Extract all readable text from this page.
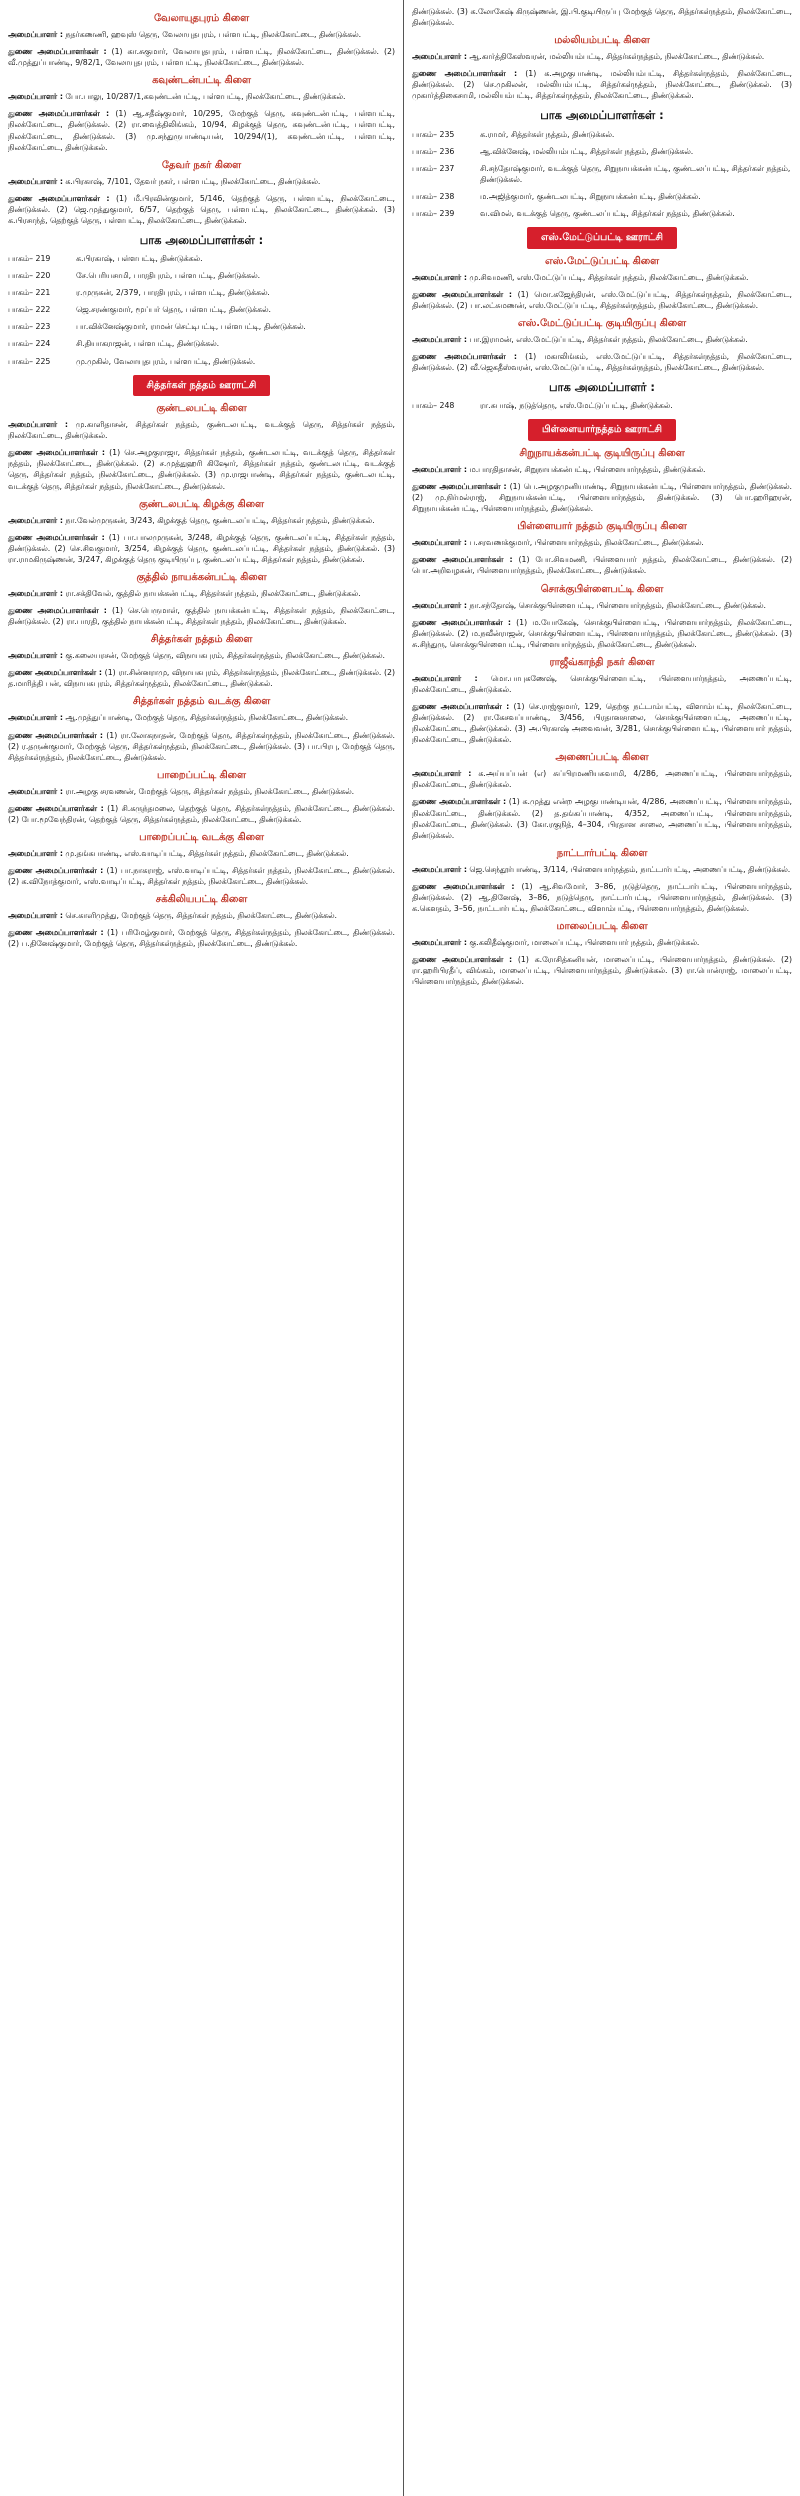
வேலாயுதபுரம் கிளை

அமைப்பாளர் : நதர்கணணி, ஹவுஸ் தெரு, வேலாயுதபுரம், பள்ளபட்டி, நிலக்கோட்டை, திண்டுக்கல்.

துணை அமைப்பாளர்கள் : (1) கா.சுகுமார், வேலாயுதபுரம், பள்ளபட்டி, நிலக்கோட்டை, திண்டுக்கல். (2) வீ.முத்துப்பாண்டி, 9/82/1, வேலாயுதபுரம், பள்ளபட்டி, நிலக்கோட்டை, திண்டுக்கல்.

கவுண்டன்பட்டி கிளை

அமைப்பாளர் : போ.பாலு, 10/287/1,கவுண்டன்பட்டி, பள்ளபட்டி, நிலக்கோட்டை, திண்டுக்கல்.

துணை அமைப்பாளர்கள் : (1) ஆ.சதீஷ்குமார், 10/295, மேற்குத் தெரு, கவுண்டன்பட்டி, பள்ளபட்டி, நிலக்கோட்டை, திண்டுக்கல். (2) ரா.வைத்திலிங்கம், 10/94, கிழக்குத் தெரு, கவுண்டன்பட்டி, பள்ளபட்டி, நிலக்கோட்டை, திண்டுக்கல். (3) மு.சந்துருபாண்டியன், 10/294/(1), கவுண்டன்பட்டி, பள்ளபட்டி, நிலக்கோட்டை, திண்டுக்கல்.

தேவர் நகர் கிளை

அமைப்பாளர் : க.பிரகாஷ், 7/101, தேவர் நகர், பள்ளபட்டி, நிலக்கோட்டை, திண்டுக்கல்.

துணை அமைப்பாளர்கள் : (1) மீ.பிரவின்குமார், 5/146, தெற்குத் தெரு, பள்ளபட்டி, நிலக்கோட்டை, திண்டுக்கல். (2) ஜெ.முத்துகுமார், 6/57, தெற்குத் தெரு, பள்ளபட்டி, நிலக்கோட்டை, திண்டுக்கல். (3) க.பிரசாந்த், தெற்குத் தெரு, பள்ளபட்டி, நிலக்கோட்டை, திண்டுக்கல்.

பாக அமைப்பாளர்கள் :
பாகம்– 219	க.பிரகாஷ், பள்ளபட்டி, திண்டுக்கல்.
பாகம்– 220	சே.பெரியசாமி, பாரதிபுரம், பள்ளபட்டி, திண்டுக்கல்.
பாகம்– 221	ர.முருகன், 2/379, பாரதிபுரம், பள்ளபட்டி, திண்டுக்கல்.
பாகம்– 222	ஜெ.சரண்குமார், மூப்பர் தெரு, பள்ளபட்டி, திண்டுக்கல்.
பாகம்– 223	பா.விக்னேஷ்குமார், ராமன் செட்டிபட்டி, பள்ளபட்டி, திண்டுக்கல்.
பாகம்– 224	சி.தியாகராஜன், பள்ளபட்டி, திண்டுக்கல்.
பாகம்– 225	மு.முகில், வேலாயுதபுரம், பள்ளபட்டி, திண்டுக்கல்.
சித்தர்கள் நத்தம் ஊராட்சி
குண்டலபட்டி கிளை

அமைப்பாளர் : மு.காளிதாசன், சித்தர்கள் நத்தம், குண்டலபட்டி, வடக்குத் தெரு, சித்தர்கள் நத்தம், நிலக்கோட்டை, திண்டுக்கல்.

துணை அமைப்பாளர்கள் : (1) செ.அழகுராஜா, சித்தர்கள் நத்தம், குண்டலபட்டி, வடக்குத் தெரு, சித்தர்கள் நத்தம், நிலக்கோட்டை, திண்டுக்கல். (2) ச.முத்துஹரி கிஷோர், சித்தர்கள் நத்தம், குண்டலபட்டி, வடக்குத் தெரு, சித்தர்கள் நத்தம், நிலக்கோட்டை, திண்டுக்கல். (3) மு.ராஜபாண்டி, சித்தர்கள் நத்தம், குண்டலபட்டி, வடக்குத் தெரு, சித்தர்கள் நத்தம், நிலக்கோட்டை, திண்டுக்கல்.

குண்டலபட்டி கிழக்கு கிளை

அமைப்பாளர் : நா.வேல்முருகன், 3/243, கிழக்குத் தெரு, குண்டலப்பட்டி, சித்தர்கள் நத்தம், திண்டுக்கல்.

துணை அமைப்பாளர்கள் : (1) பா.பாலமுருகன், 3/248, கிழக்குத் தெரு, குண்டலப்பட்டி, சித்தர்கள் நத்தம், திண்டுக்கல். (2) செ.சிவகுமார், 3/254, கிழக்குத் தெரு, குண்டலப்பட்டி, சித்தர்கள் நத்தம், திண்டுக்கல். (3) ரா.ராமகிருஷ்ணன், 3/247, கிழக்குத் தெரு குடியிருப்பு, குண்டலப்பட்டி, சித்தர்கள் நத்தம், திண்டுக்கல்.

குத்தில் நாயக்கன்பட்டி கிளை

அமைப்பாளர் : ரா.சக்திவேல், குத்தில் நாயக்கன்பட்டி, சித்தர்கள் நத்தம், நிலக்கோட்டை, திண்டுக்கல்.

துணை அமைப்பாளர்கள் : (1) செ.பெருமாள், குத்தில் நாயக்கன்பட்டி, சித்தர்கள் நத்தம், நிலக்கோட்டை, திண்டுக்கல். (2) ரா.பாரதி, குத்தில் நாயக்கன்பட்டி, சித்தர்கள் நத்தம், நிலக்கோட்டை, திண்டுக்கல்.

சித்தர்கள் நத்தம் கிளை

அமைப்பாளர் : கு.கலையரசன், மேற்குத் தெரு, விநாயகபுரம், சித்தர்கள்நத்தம், நிலக்கோட்டை, திண்டுக்கல்.

துணை அமைப்பாளர்கள் : (1) ரா.சின்னராமு, விநாயகபுரம், சித்தர்கள்நத்தம், நிலக்கோட்டை, திண்டுக்கல். (2) த.மாரித்தி பன், விநாயகபுரம், சித்தர்கள்நத்தம், நிலக்கோட்டை, திண்டுக்கல்.

சித்தர்கள் நத்தம் வடக்கு கிளை

அமைப்பாளர் : ஆ.முத்துப்பாண்டி, மேற்குத் தெரு, சித்தர்கள்நத்தம், நிலக்கோட்டை, திண்டுக்கல்.

துணை அமைப்பாளர்கள் : (1) ரா.லோகநாதன், மேற்குத் தெரு, சித்தர்கள்நத்தம், நிலக்கோட்டை, திண்டுக்கல். (2) ர.தருண்குமார், மேற்குத் தெரு, சித்தர்கள்நத்தம், நிலக்கோட்டை, திண்டுக்கல். (3) பா.பிரபு, மேற்குத் தெரு, சித்தர்கள்நத்தம், நிலக்கோட்டை, திண்டுக்கல்.

பாறைப்பட்டி கிளை

அமைப்பாளர் : ரா.அழகு சரவணன், மேற்குத் தெரு, சித்தர்கள் நத்தம், நிலக்கோட்டை, திண்டுக்கல்.

துணை அமைப்பாளர்கள் : (1) சி.கருந்தமலை, தெற்குத் தெரு, சித்தர்கள்நத்தம், நிலக்கோட்டை, திண்டுக்கல். (2) போ.மூவேந்திரன், தெற்குத் தெரு, சித்தர்கள்நத்தம், நிலக்கோட்டை, திண்டுக்கல்.

பாறைப்பட்டி வடக்கு கிளை

அமைப்பாளர் : மு.தங்கபாண்டி, எஸ்.வாடிப்பட்டி, சித்தர்கள் நத்தம், நிலக்கோட்டை, திண்டுக்கல்.

துணை அமைப்பாளர்கள் : (1) பா.நாகராஜ், எஸ்.வாடிப்பட்டி, சித்தர்கள் நத்தம், நிலக்கோட்டை, திண்டுக்கல். (2) க.விநோத்குமார், எஸ்.வாடிப்பட்டி, சித்தர்கள் நத்தம், நிலக்கோட்டை, திண்டுக்கல்.

சக்கிலியபட்டி கிளை

அமைப்பாளர் : செ.காளிமுத்து, மேற்குத் தெரு, சித்தர்கள் நத்தம், நிலக்கோட்டை, திண்டுக்கல்.

துணை அமைப்பாளர்கள் : (1) பரிமேழ்குமார், மேற்குத் தெரு, சித்தர்கள்நத்தம், நிலக்கோட்டை, திண்டுக்கல். (2) ப.தினேஷ்குமார், மேற்குத் தெரு, சித்தர்கள்நத்தம், நிலக்கோட்டை, திண்டுக்கல்.

திண்டுக்கல். (3) க.லோகேஷ் கிருஷ்ணன், இ.பி.குடியிருப்பு மேற்குத் தெரு, சித்தர்கள்நத்தம், நிலக்கோட்டை, திண்டுக்கல்.

மல்லியம்பட்டி கிளை

அமைப்பாளர் : ஆ.கார்த்திகேஸ்வரன், மல்லியம்பட்டி, சித்தர்கள்நத்தம், நிலக்கோட்டை, திண்டுக்கல்.

துணை அமைப்பாளர்கள் : (1) க.அழகுபாண்டி, மல்லியம்பட்டி, சித்தர்கள்நத்தம், நிலக்கோட்டை, திண்டுக்கல். (2) செ.முகிலன், மல்லியம்பட்டி, சித்தர்கள்நத்தம், நிலக்கோட்டை, திண்டுக்கல். (3) முகார்த்திகைசாமி, மல்லியம்பட்டி, சித்தர்கள்நத்தம், நிலக்கோட்டை, திண்டுக்கல்.

பாக அமைப்பாளர்கள் :
பாகம்– 235	க.ராமர், சித்தர்கள் நத்தம், திண்டுக்கல்.
பாகம்– 236	ஆ.விக்னேஷ், மல்லியம்பட்டி, சித்தர்கள் நத்தம், திண்டுக்கல்.
பாகம்– 237	சி.சந்தோஷ்குமார், வடக்குத் தெரு, சிறுநாயக்கன்பட்டி, குண்டலப்பட்டி, சித்தர்கள் நத்தம், திண்டுக்கல்.
பாகம்– 238	ம.அஜித்குமார், குண்டலபட்டி, சிறுநாயக்கன்பட்டி, திண்டுக்கல்.
பாகம்– 239	வ.விமல், வடக்குத் தெரு, குண்டலப்பட்டி, சித்தர்கள் நத்தம், திண்டுக்கல்.
எஸ்.மேட்டுப்பட்டி ஊராட்சி
எஸ்.மேட்டுப்பட்டி கிளை

அமைப்பாளர் : மு.சிவமணி, எஸ்.மேட்டுப்பட்டி, சித்தர்கள் நத்தம், நிலக்கோட்டை, திண்டுக்கல்.

துணை அமைப்பாளர்கள் : (1) மொ.கஜேந்திரன், எஸ்.மேட்டுப்பட்டி, சித்தர்கள்நத்தம், நிலக்கோட்டை, திண்டுக்கல். (2) பா.லட்சுமணன், எஸ்.மேட்டுப்பட்டி, சித்தர்கள்நத்தம், நிலக்கோட்டை, திண்டுக்கல்.

எஸ்.மேட்டுப்பட்டி குடியிருப்பு கிளை

அமைப்பாளர் : பா.இராமன், எஸ்.மேட்டுப்பட்டி, சித்தர்கள் நத்தம், நிலக்கோட்டை, திண்டுக்கல்.

துணை அமைப்பாளர்கள் : (1) மகாலிங்கம், எஸ்.மேட்டுப்பட்டி, சித்தர்கள்நத்தம், நிலக்கோட்டை, திண்டுக்கல். (2) வீ.ஜெகதீஸ்வரன், எஸ்.மேட்டுப்பட்டி, சித்தர்கள்நத்தம், நிலக்கோட்டை, திண்டுக்கல்.

பாக அமைப்பாளர் :
பாகம்– 248	ரா.சுபாஷ், நடுத்தெரு, எஸ்.மேட்டுப்பட்டி, திண்டுக்கல்.
பிள்ளையார்நத்தம் ஊராட்சி
சிறுநாயக்கன்பட்டி குடியிருப்பு கிளை

அமைப்பாளர் : ம.பாரதிதாசன், சிறுநாயக்கன்பட்டி, பிள்ளையார்நத்தம், திண்டுக்கல்.

துணை அமைப்பாளர்கள் : (1) பெ.அழகுமுனியாண்டி, சிறுநாயக்கன்பட்டி, பிள்ளையார்நத்தம், திண்டுக்கல். (2) மு.நிர்மல்ராஜ், சிறுநாயக்கன்பட்டி, பிள்ளையார்நத்தம், திண்டுக்கல். (3) பொ.ஹரிஹரன், சிறுநாயக்கன்பட்டி, பிள்ளையார்நத்தம், திண்டுக்கல்.

பிள்ளையார் நத்தம் குடியிருப்பு கிளை

அமைப்பாளர் : ப.சரவணக்குமார், பிள்ளையார்நத்தம், நிலக்கோட்டை, திண்டுக்கல்.

துணை அமைப்பாளர்கள் : (1) போ.சிவமணி, பிள்ளையார் நத்தம், நிலக்கோட்டை, திண்டுக்கல். (2) பொ.அறிவழகன், பிள்ளையார்நத்தம், நிலக்கோட்டை, திண்டுக்கல்.

சொக்குபிள்ளைபட்டி கிளை

அமைப்பாளர் : நா.சந்தோஷ், சொக்குபிள்ளைபட்டி, பிள்ளையார்நத்தம், நிலக்கோட்டை, திண்டுக்கல்.

துணை அமைப்பாளர்கள் : (1) ம.யோகேஷ், சொக்குபிள்ளைபட்டி, பிள்ளையார்நத்தம், நிலக்கோட்டை, திண்டுக்கல். (2) ம.நவீன்ராஜன், சொக்குபிள்ளைபட்டி, பிள்ளையார்நத்தம், நிலக்கோட்டை, திண்டுக்கல். (3) சு.சிந்துரு, சொக்குபிள்ளைபட்டி, பிள்ளையார்நத்தம், நிலக்கோட்டை, திண்டுக்கல்.

ராஜீவ்காந்தி நகர் கிளை

அமைப்பாளர் : மொ.பாபுகணேஷ், சொக்குபிள்ளைபட்டி, பிள்ளையார்நத்தம், அணைப்பட்டி, நிலக்கோட்டை, திண்டுக்கல்.

துணை அமைப்பாளர்கள் : (1) செ.ராஜ்குமார், 129, தெற்கு நட்டாம்பட்டி, விளாம்பட்டி, நிலக்கோட்டை, திண்டுக்கல். (2) ரா.கேசவப்பாண்டி, 3/456, பிரதானசாலை, சொக்குபிள்ளைபட்டி, அணைப்பட்டி, நிலக்கோட்டை, திண்டுக்கல். (3) அ.பிரகாஷ் அவைவன், 3/281, சொக்குபிள்ளைபட்டி, பிள்ளையார் நத்தம், நிலக்கோட்டை, திண்டுக்கல்.

அணைப்பட்டி கிளை

அமைப்பாளர் : க.அய்யப்பன் (எ) சுப்பிரமணியசுவாமி, 4/286, அணைப்பட்டி, பிள்ளையார்நத்தம், நிலக்கோட்டை, திண்டுக்கல்.

துணை அமைப்பாளர்கள் : (1) க.முத்து என்ற அழகுபாண்டியன், 4/286, அணைப்பட்டி, பிள்ளையார்நத்தம், நிலக்கோட்டை, திண்டுக்கல். (2) த.தங்கப்பாண்டி, 4/352, அணைப்பட்டி, பிள்ளையார்நத்தம், நிலக்கோட்டை, திண்டுக்கல். (3) கோ.ரகுநித், 4–304, பிரதான சாலை, அணைப்பட்டி, பிள்ளையார்நத்தம், திண்டுக்கல்.

நாட்டார்பட்டி கிளை

அமைப்பாளர் : ஜெ.செந்தூர்பாண்டி, 3/114, பிள்ளையார்நத்தம், நாட்டார்பட்டி, அணைப்பட்டி, திண்டுக்கல்.

துணை அமைப்பாளர்கள் : (1) ஆ.சிவமோர், 3–86, நடுத்தெரு, நாட்டார்பட்டி, பிள்ளையார்நத்தம், திண்டுக்கல். (2) ஆ.தினேஷ், 3–86, நடுத்தெரு, நாட்டார்பட்டி, பிள்ளையார்நத்தம், திண்டுக்கல். (3) க.கௌதம், 3–56, நாட்டார்பட்டி, நிலக்கோட்டை, விளாம்பட்டி, பிள்ளையார்நத்தம், திண்டுக்கல்.

மாலைப்பட்டி கிளை

அமைப்பாளர் : கு.கலிதீஷ்குமார், மாலைப்பட்டி, பிள்ளையார் நத்தம், திண்டுக்கல்.

துணை அமைப்பாளர்கள் : (1) க.ரோசித்கனியன், மாலைப்பட்டி, பிள்ளையார்நத்தம், திண்டுக்கல். (2) ரா.ஹரிபிரதீப், விங்கம், மாலைப்பட்டி, பிள்ளையார்நத்தம், திண்டுக்கல். (3) ரா.பொன்ராஜ், மாலைப்பட்டி, பிள்ளையார்நத்தம், திண்டுக்கல்.
